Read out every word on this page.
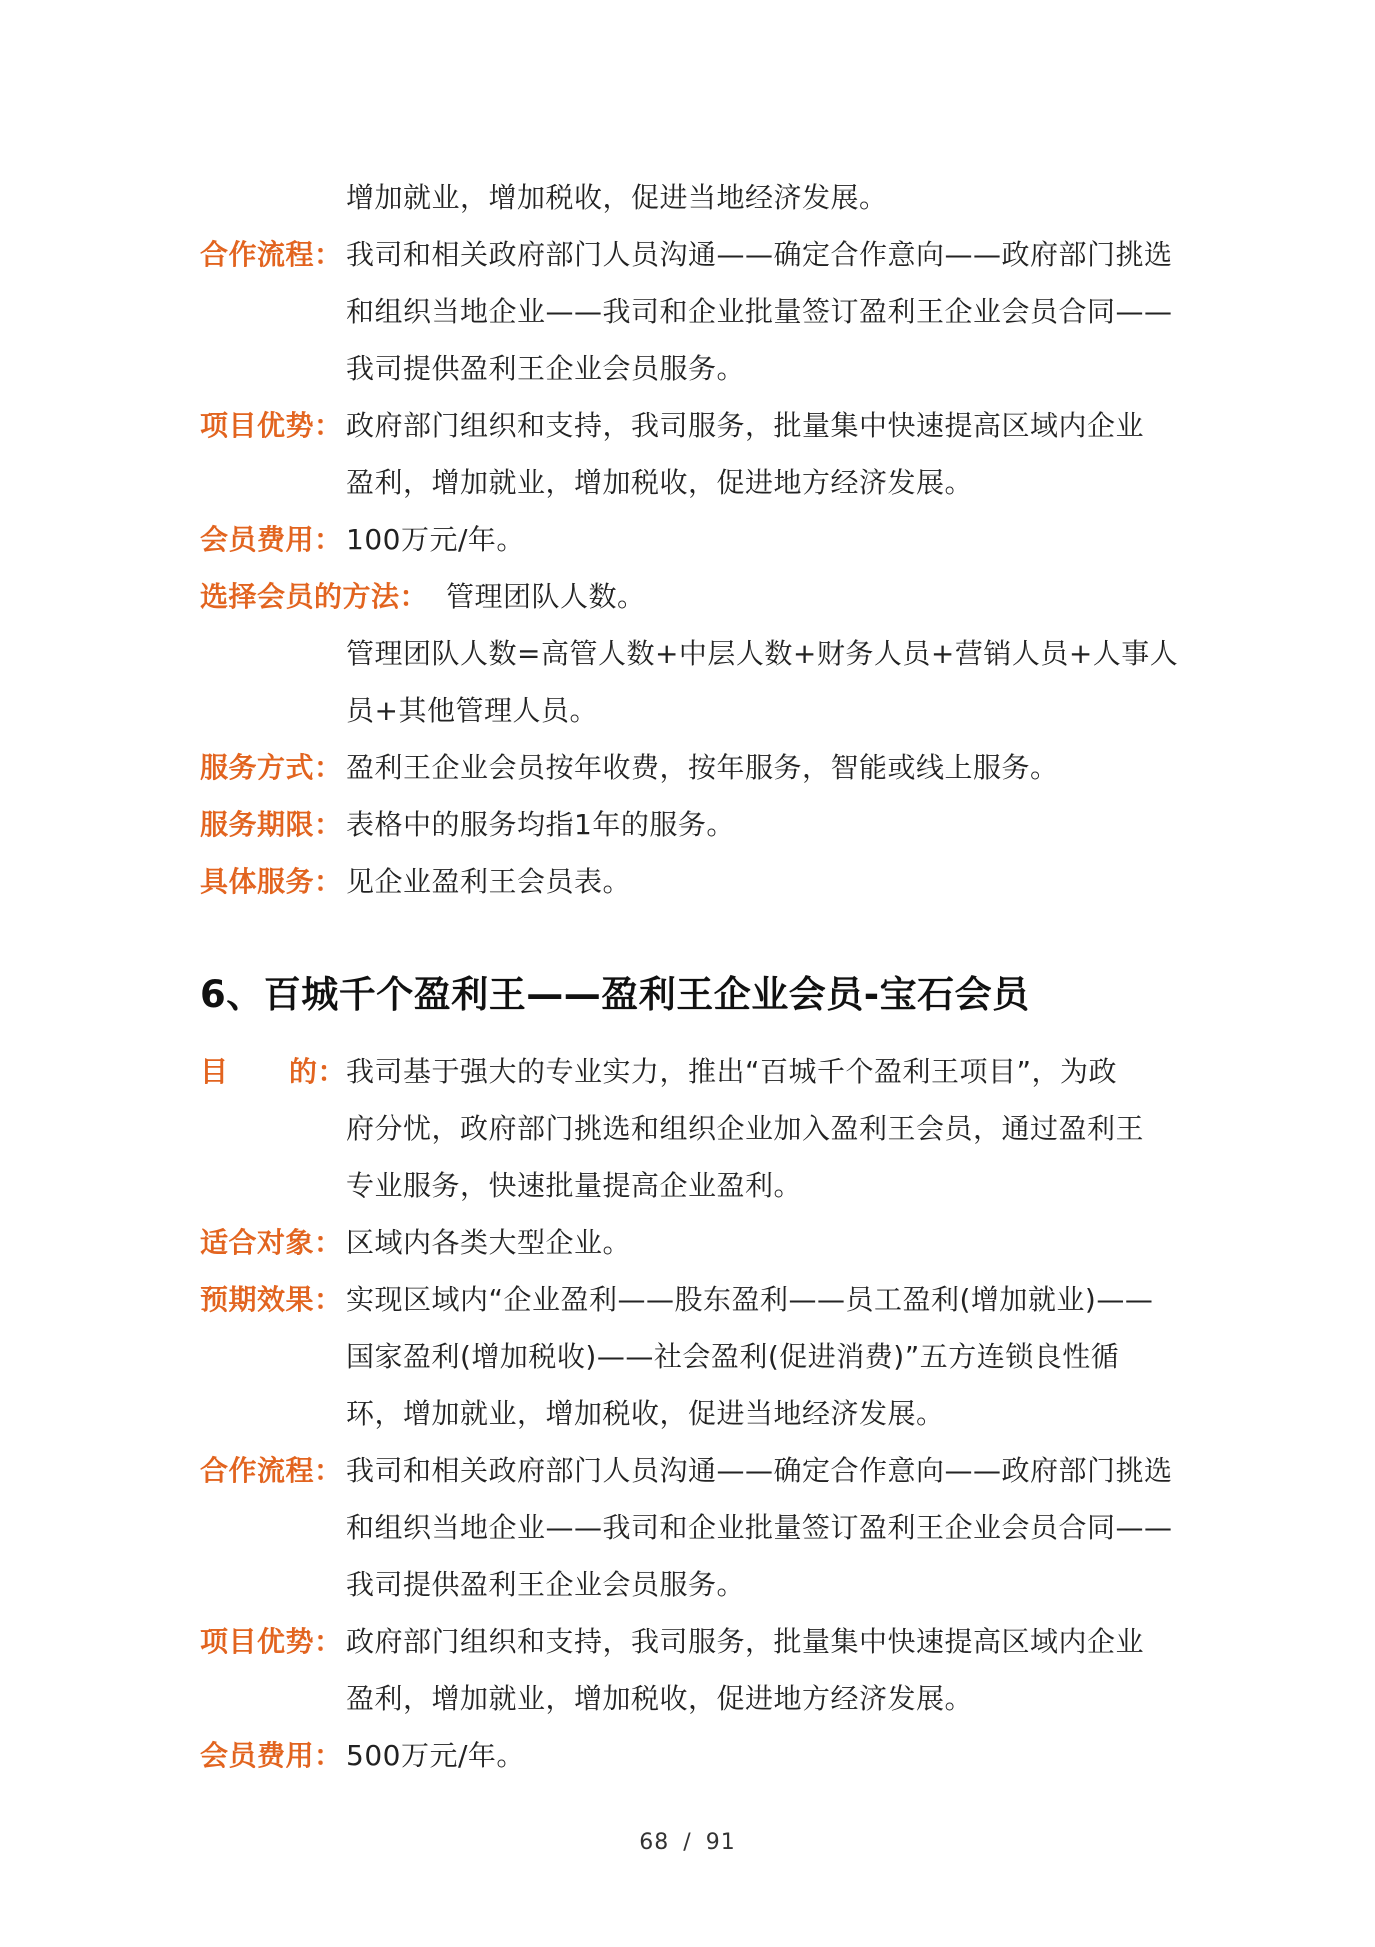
增加就业，增加税收，促进当地经济发展。
合作流程： 我司和相关政府部门人员沟通——确定合作意向——政府部门挑选
和组织当地企业——我司和企业批量签订盈利王企业会员合同——
我司提供盈利王企业会员服务。
项目优势： 政府部门组织和支持，我司服务，批量集中快速提高区域内企业
盈利，增加就业，增加税收，促进地方经济发展。
会员费用： 100万元/年。
选择会员的方法： 管理团队人数。
管理团队人数=高管人数+中层人数+财务人员+营销人员+人事人
员+其他管理人员。
服务方式： 盈利王企业会员按年收费，按年服务，智能或线上服务。
服务期限： 表格中的服务均指1年的服务。
具体服务： 见企业盈利王会员表。
6、百城千个盈利王——盈利王企业会员-宝石会员
目 的： 我司基于强大的专业实力，推出“百城千个盈利王项目”，为政
府分忧，政府部门挑选和组织企业加入盈利王会员，通过盈利王
专业服务，快速批量提高企业盈利。
适合对象： 区域内各类大型企业。
预期效果： 实现区域内“企业盈利——股东盈利——员工盈利(增加就业)——
国家盈利(增加税收)——社会盈利(促进消费)”五方连锁良性循
环，增加就业，增加税收，促进当地经济发展。
合作流程： 我司和相关政府部门人员沟通——确定合作意向——政府部门挑选
和组织当地企业——我司和企业批量签订盈利王企业会员合同——
我司提供盈利王企业会员服务。
项目优势： 政府部门组织和支持，我司服务，批量集中快速提高区域内企业
盈利，增加就业，增加税收，促进地方经济发展。
会员费用： 500万元/年。
68 / 91
